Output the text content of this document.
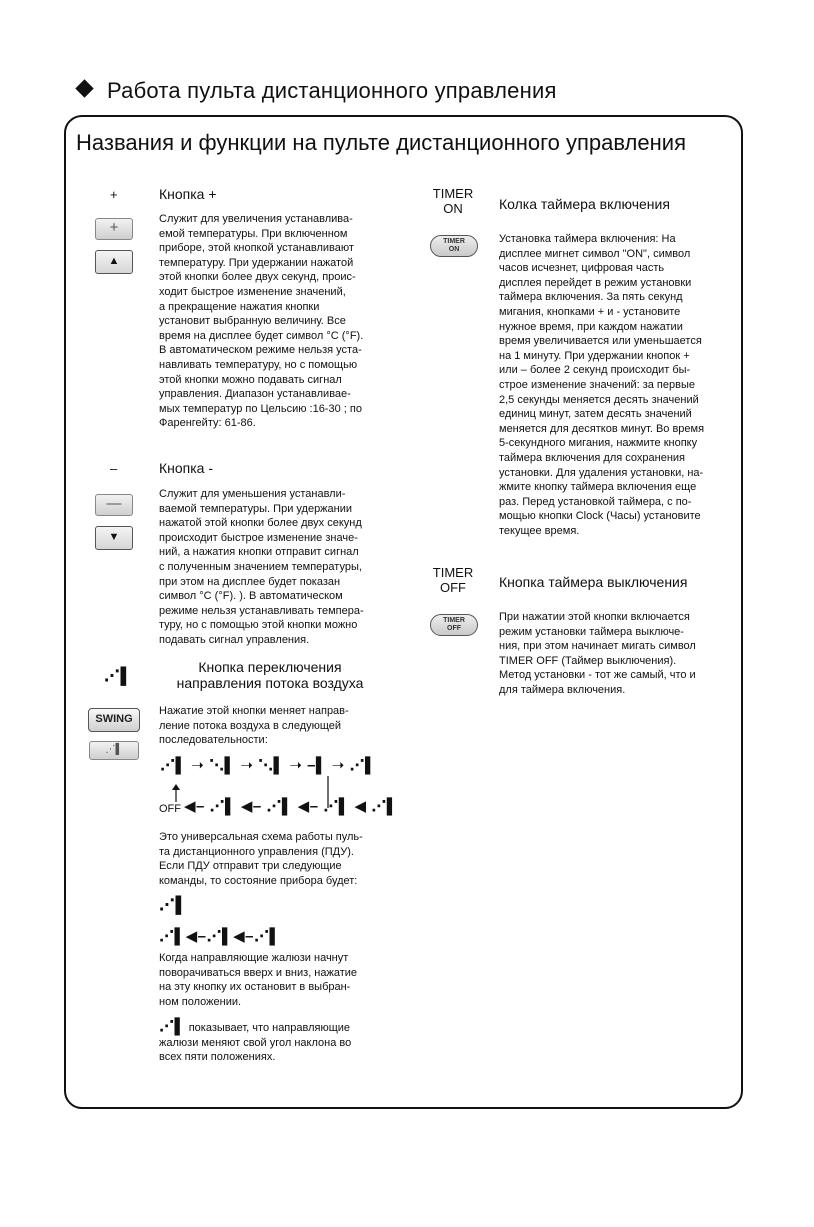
Работа пульта дистанционного управления
Названия и функции на пульте дистанционного управления
+	Кнопка +
+
▲
Служит для увеличения устанавлива-
емой температуры. При включенном
приборе, этой кнопкой устанавливают
температуру. При удержании нажатой
этой кнопки более двух секунд, проис-
ходит быстрое изменение значений,
а прекращение нажатия кнопки
установит выбранную величину. Все
время на дисплее будет символ °С (°F).
В автоматическом режиме нельзя уста-
навливать температуру, но с помощью
этой кнопки можно подавать сигнал
управления. Диапазон устанавливае-
мых температур по Цельсию :16-30 ; по
Фаренгейту: 61-86.
–	Кнопка -
—
▼
Служит для уменьшения устанавли-
ваемой температуры. При удержании
нажатой этой кнопки более двух секунд
происходит быстрое изменение значе-
ний, а нажатия кнопки отправит сигнал
с полученным значением температуры,
при этом на дисплее будет показан
символ °С (°F). ). В автоматическом
режиме нельзя устанавливать темпера-
туру, но с помощью этой кнопки можно
подавать сигнал управления.
⋰▌
Кнопка переключения
направления потока воздуха
SWING
⋰▌
Нажатие этой кнопки меняет направ-
ление потока воздуха в следующей
последовательности:
⋰▌ ➝ ⋱▌ ➝ ⋱▌ ➝ –▌ ➝ ⋰▌
OFF ◀– ⋰▌ ◀– ⋰▌ ◀– ⋰▌ ◀ ⋰▌
Это универсальная схема работы пуль-
та дистанционного управления (ПДУ).
Если ПДУ отправит три следующие
команды, то состояние прибора будет:
⋰▌
⋰▌◀–⋰▌◀–⋰▌
Когда направляющие жалюзи начнут
поворачиваться вверх и вниз, нажатие
на эту кнопку их остановит в выбран-
ном положении.
⋰▌ показывает, что направляющие
жалюзи меняют свой угол наклона во
всех пяти положениях.
TIMER
ON	Колка таймера включения
TIMER
ON
Установка таймера включения: На
дисплее мигнет символ "ON", символ
часов исчезнет, цифровая часть
дисплея перейдет в режим установки
таймера включения. За пять секунд
мигания, кнопками + и - установите
нужное время, при каждом нажатии
время увеличивается или уменьшается
на 1 минуту. При удержании кнопок +
или – более 2 секунд происходит бы-
строе изменение значений: за первые
2,5 секунды меняется десять значений
единиц минут, затем десять значений
меняется для десятков минут. Во время
5-секундного мигания, нажмите кнопку
таймера включения для сохранения
установки. Для удаления установки, на-
жмите кнопку таймера включения еще
раз. Перед установкой таймера, с по-
мощью кнопки Clock (Часы) установите
текущее время.
TIMER
OFF	Кнопка таймера выключения
TIMER
OFF
При нажатии этой кнопки включается
режим установки таймера выключе-
ния, при этом начинает мигать символ
TIMER OFF (Таймер выключения).
Метод установки - тот же самый, что и
для таймера включения.
